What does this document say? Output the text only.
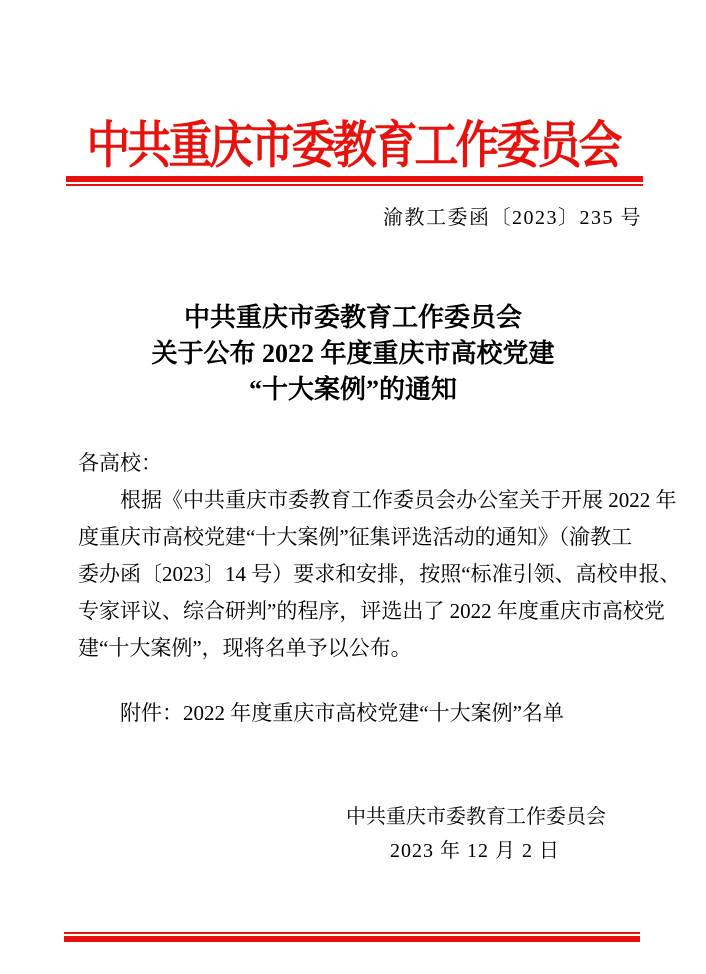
中共重庆市委教育工作委员会
渝教工委函〔2023〕235 号
中共重庆市委教育工作委员会
关于公布 2022 年度重庆市高校党建
“十大案例”的通知
各高校：
根据《中共重庆市委教育工作委员会办公室关于开展 2022 年
度重庆市高校党建“十大案例”征集评选活动的通知》（渝教工
委办函〔2023〕14 号）要求和安排，按照“标准引领、高校申报、
专家评议、综合研判”的程序，评选出了 2022 年度重庆市高校党
建“十大案例”，现将名单予以公布。
附件：2022 年度重庆市高校党建“十大案例”名单
中共重庆市委教育工作委员会
2023 年 12 月 2 日
